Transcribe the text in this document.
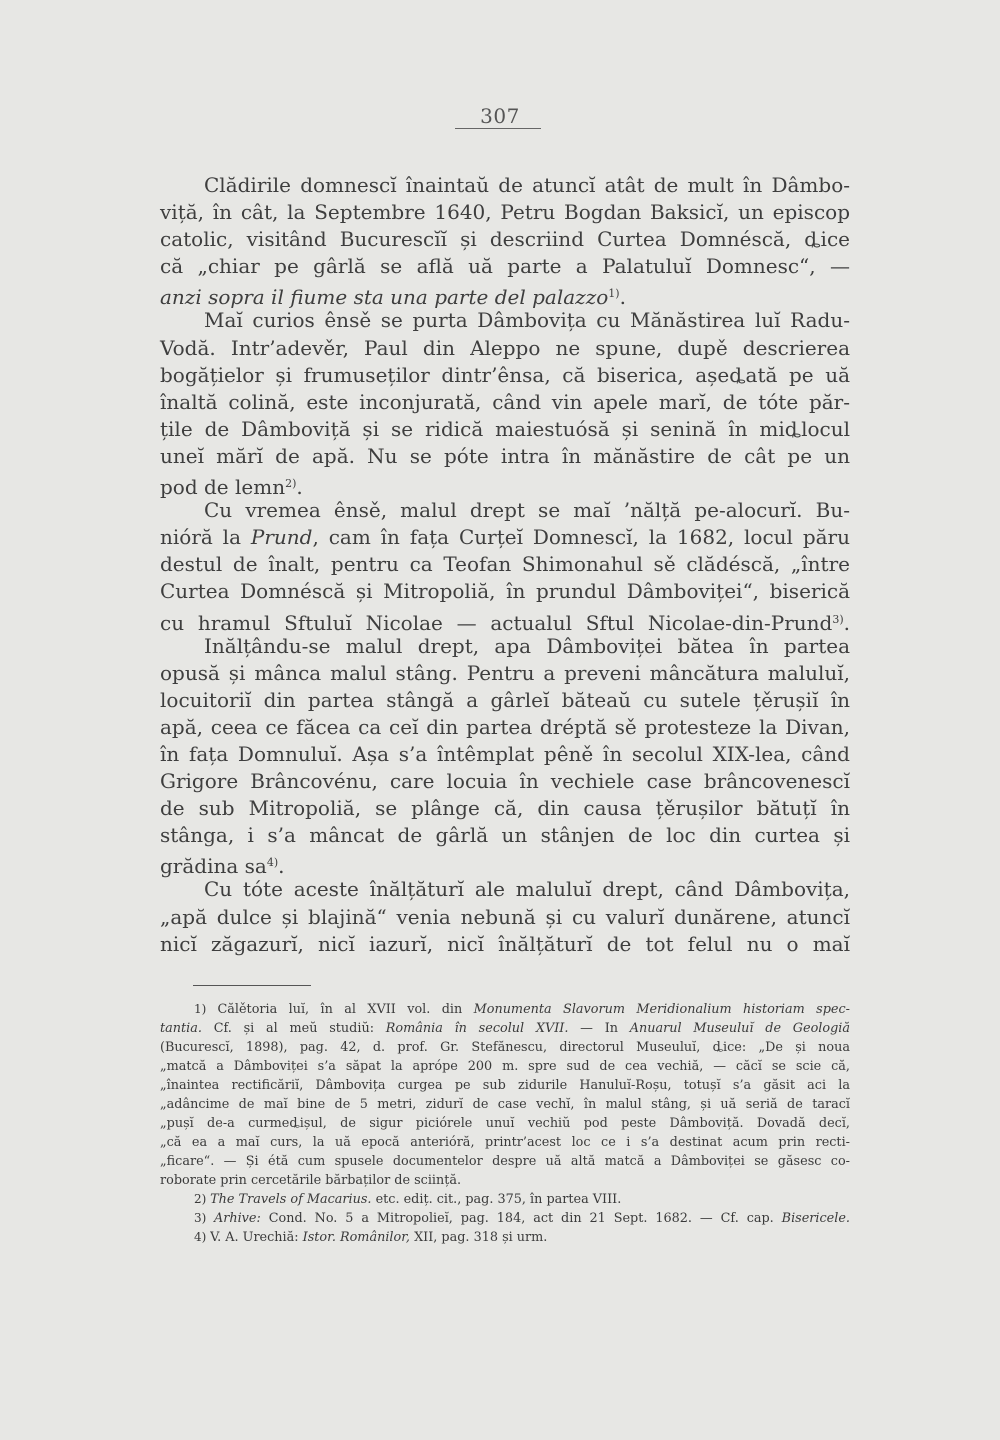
307
Clădirile domnescĭ înaintaŭ de atuncĭ atât de mult în Dâmbo-
viță, în cât, la Septembre 1640, Petru Bogdan Baksicĭ, un episcop
catolic, visitând Bucurescĭĭ și descriind Curtea Domnéscă, ȡice
că „chiar pe gârlă se află uă parte a Palatuluĭ Domnesc“, —
anzi sopra il fiume sta una parte del palazzo$^{1)}$.
Maĭ curios ênsě se purta Dâmbovița cu Mănăstirea luĭ Radu-
Vodă. Intr’adevěr, Paul din Aleppo ne spune, dupě descrierea
bogățielor și frumuseților dintr’ênsa, că biserica, așeȡată pe uă
înaltă colină, este inconjurată, când vin apele marĭ, de tóte păr-
țile de Dâmboviță și se ridică maiestuósă și senină în miȡlocul
uneĭ mărĭ de apă. Nu se póte intra în mănăstire de cât pe un
pod de lemn$^{2)}$.
Cu vremea ênsě, malul drept se maĭ ’nălță pe-alocurĭ. Bu-
nióră la Prund, cam în fața Curțeĭ Domnescĭ, la 1682, locul păru
destul de înalt, pentru ca Teofan Shimonahul sě clădéscă, „între
Curtea Domnéscă și Mitropoliă, în prundul Dâmboviței“, biserică
cu hramul Sftuluĭ Nicolae — actualul Sftul Nicolae-din-Prund$^{3)}$.
Inălțându-se malul drept, apa Dâmboviței bătea în partea
opusă și mânca malul stâng. Pentru a preveni mâncătura maluluĭ,
locuitoriĭ din partea stângă a gârleĭ băteaŭ cu sutele țěrușiĭ în
apă, ceea ce făcea ca ceĭ din partea dréptă sě protesteze la Divan,
în fața Domnuluĭ. Așa s’a întêmplat pêně în secolul XIX-lea, când
Grigore Brâncovénu, care locuia în vechiele case brâncovenescĭ
de sub Mitropoliă, se plânge că, din causa țěrușilor bătuțĭ în
stânga, i s’a mâncat de gârlă un stânjen de loc din curtea și
grădina $sa^{4)}$.
Cu tóte aceste înălțăturĭ ale maluluĭ drept, când Dâmbovița,
„apă dulce și blajină“ venia nebună și cu valurĭ dunărene, atuncĭ
nicĭ zăgazurĭ, nicĭ iazurĭ, nicĭ înălțăturĭ de tot felul nu o maĭ
1) Călětoria luĭ, în al XVII vol. din Monumenta Slavorum Meridionalium historiam spec-
tantia. Cf. și al meŭ studiŭ: România în secolul XVII. — In Anuarul Museuluĭ de Geologiă
(Bucurescĭ, 1898), pag. 42, d. prof. Gr. Stefănescu, directorul Museuluĭ, ȡice: „De și noua
„matcă a Dâmboviței s’a săpat la aprópe 200 m. spre sud de cea vechiă, — căcĭ se scie că,
„înaintea rectificăriĭ, Dâmbovița curgea pe sub zidurile Hanuluĭ-Roșu, totușĭ s’a găsit aci la
„adâncime de maĭ bine de 5 metri, zidurĭ de case vechĭ, în malul stâng, și uă seriă de taracĭ
„pușĭ de-a curmeȡișul, de sigur piciórele unuĭ vechiŭ pod peste Dâmboviță. Dovadă decĭ,
„că ea a maĭ curs, la uă epocă anterióră, printr’acest loc ce i s’a destinat acum prin recti-
„ficare“. — Și étă cum spusele documentelor despre uă altă matcă a Dâmboviței se găsesc co-
roborate prin cercetările bărbaților de sciință.
2) The Travels of Macarius. etc. ediț. cit., pag. 375, în partea VIII.
3) Arhive: Cond. No. 5 a Mitropolieĭ, pag. 184, act din 21 Sept. 1682. — Cf. cap. Bisericele.
4) V. A. Urechiă: Istor. Românilor, XII, pag. 318 și urm.
